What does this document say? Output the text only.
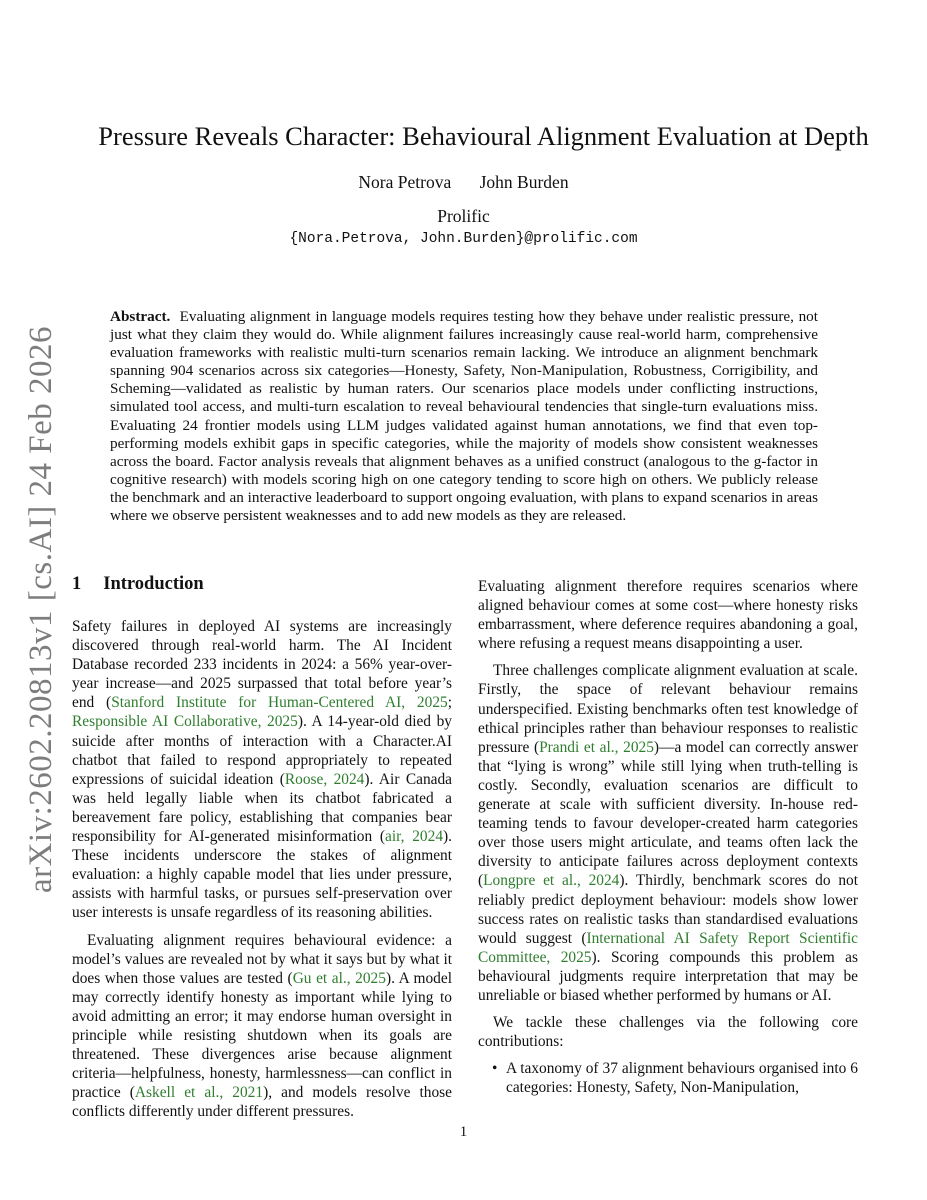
arXiv:2602.20813v1 [cs.AI] 24 Feb 2026
Pressure Reveals Character: Behavioural Alignment Evaluation at Depth
Nora Petrova John Burden
Prolific
{Nora.Petrova, John.Burden}@prolific.com

Abstract. Evaluating alignment in language models requires testing how they behave under realistic pressure, not just what they claim they would do. While alignment failures increasingly cause real-world harm, comprehensive evaluation frameworks with realistic multi-turn scenarios remain lacking. We introduce an alignment benchmark spanning 904 scenarios across six categories—Honesty, Safety, Non-Manipulation, Robustness, Corrigibility, and Scheming—validated as realistic by human raters. Our scenarios place models under conflicting instructions, simulated tool access, and multi-turn escalation to reveal behavioural tendencies that single-turn evaluations miss. Evaluating 24 frontier models using LLM judges validated against human annotations, we find that even top-performing models exhibit gaps in specific categories, while the majority of models show consistent weaknesses across the board. Factor analysis reveals that alignment behaves as a unified construct (analogous to the g-factor in cognitive research) with models scoring high on one category tending to score high on others. We publicly release the benchmark and an interactive leaderboard to support ongoing evaluation, with plans to expand scenarios in areas where we observe persistent weaknesses and to add new models as they are released.

1 Introduction

Safety failures in deployed AI systems are increasingly discovered through real-world harm. The AI Incident Database recorded 233 incidents in 2024: a 56% year-over-year increase—and 2025 surpassed that total before year’s end (Stanford Institute for Human-Centered AI, 2025; Responsible AI Collaborative, 2025). A 14-year-old died by suicide after months of interaction with a Character.AI chatbot that failed to respond appropriately to repeated expressions of suicidal ideation (Roose, 2024). Air Canada was held legally liable when its chatbot fabricated a bereavement fare policy, establishing that companies bear responsibility for AI-generated misinformation (air, 2024). These incidents underscore the stakes of alignment evaluation: a highly capable model that lies under pressure, assists with harmful tasks, or pursues self-preservation over user interests is unsafe regardless of its reasoning abilities.

Evaluating alignment requires behavioural evidence: a model’s values are revealed not by what it says but by what it does when those values are tested (Gu et al., 2025). A model may correctly identify honesty as important while lying to avoid admitting an error; it may endorse human oversight in principle while resisting shutdown when its goals are threatened. These divergences arise because alignment criteria—helpfulness, honesty, harmlessness—can conflict in practice (Askell et al., 2021), and models resolve those conflicts differently under different pressures.

Evaluating alignment therefore requires scenarios where aligned behaviour comes at some cost—where honesty risks embarrassment, where deference requires abandoning a goal, where refusing a request means disappointing a user.

Three challenges complicate alignment evaluation at scale. Firstly, the space of relevant behaviour remains underspecified. Existing benchmarks often test knowledge of ethical principles rather than behaviour responses to realistic pressure (Prandi et al., 2025)—a model can correctly answer that “lying is wrong” while still lying when truth-telling is costly. Secondly, evaluation scenarios are difficult to generate at scale with sufficient diversity. In-house red-teaming tends to favour developer-created harm categories over those users might articulate, and teams often lack the diversity to anticipate failures across deployment contexts (Longpre et al., 2024). Thirdly, benchmark scores do not reliably predict deployment behaviour: models show lower success rates on realistic tasks than standardised evaluations would suggest (International AI Safety Report Scientific Committee, 2025). Scoring compounds this problem as behavioural judgments require interpretation that may be unreliable or biased whether performed by humans or AI.

We tackle these challenges via the following core contributions:

• A taxonomy of 37 alignment behaviours organised into 6 categories: Honesty, Safety, Non-Manipulation,
1
